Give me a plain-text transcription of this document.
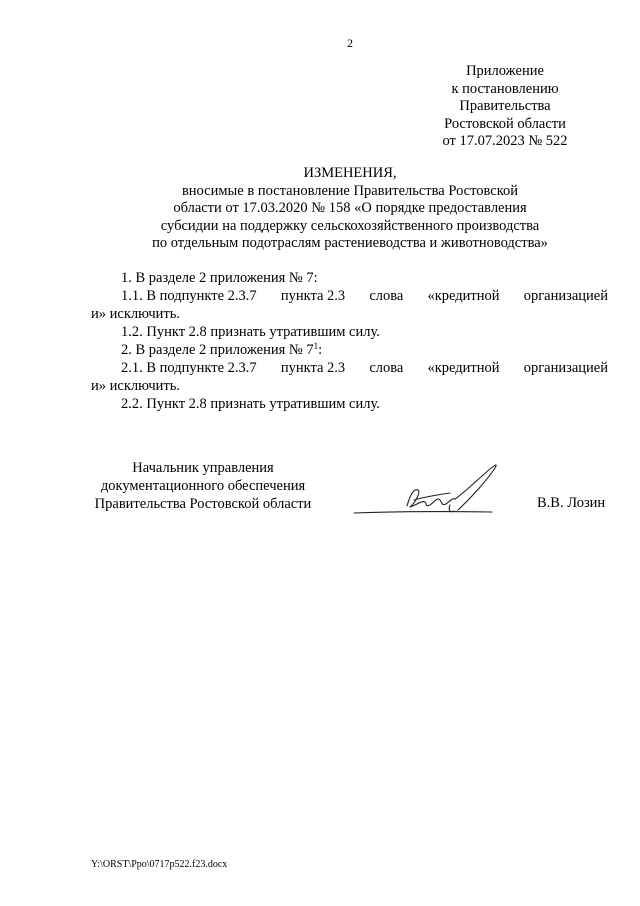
2
Приложение
к постановлению
Правительства
Ростовской области
от 17.07.2023 № 522
ИЗМЕНЕНИЯ,
вносимые в постановление Правительства Ростовской
области от 17.03.2020 № 158 «О порядке предоставления
субсидии на поддержку сельскохозяйственного производства
по отдельным подотраслям растениеводства и животноводства»
1. В разделе 2 приложения № 7:
1.1. В подпункте 2.3.7 пункта 2.3 слова «кредитной организацией
и» исключить.
1.2. Пункт 2.8 признать утратившим силу.
2. В разделе 2 приложения № $7^1$:
2.1. В подпункте 2.3.7 пункта 2.3 слова «кредитной организацией
и» исключить.
2.2. Пункт 2.8 признать утратившим силу.
Начальник управления
документационного обеспечения
Правительства Ростовской области	В.В. Лозин
Y:\ORST\Ppo\0717p522.f23.docx
